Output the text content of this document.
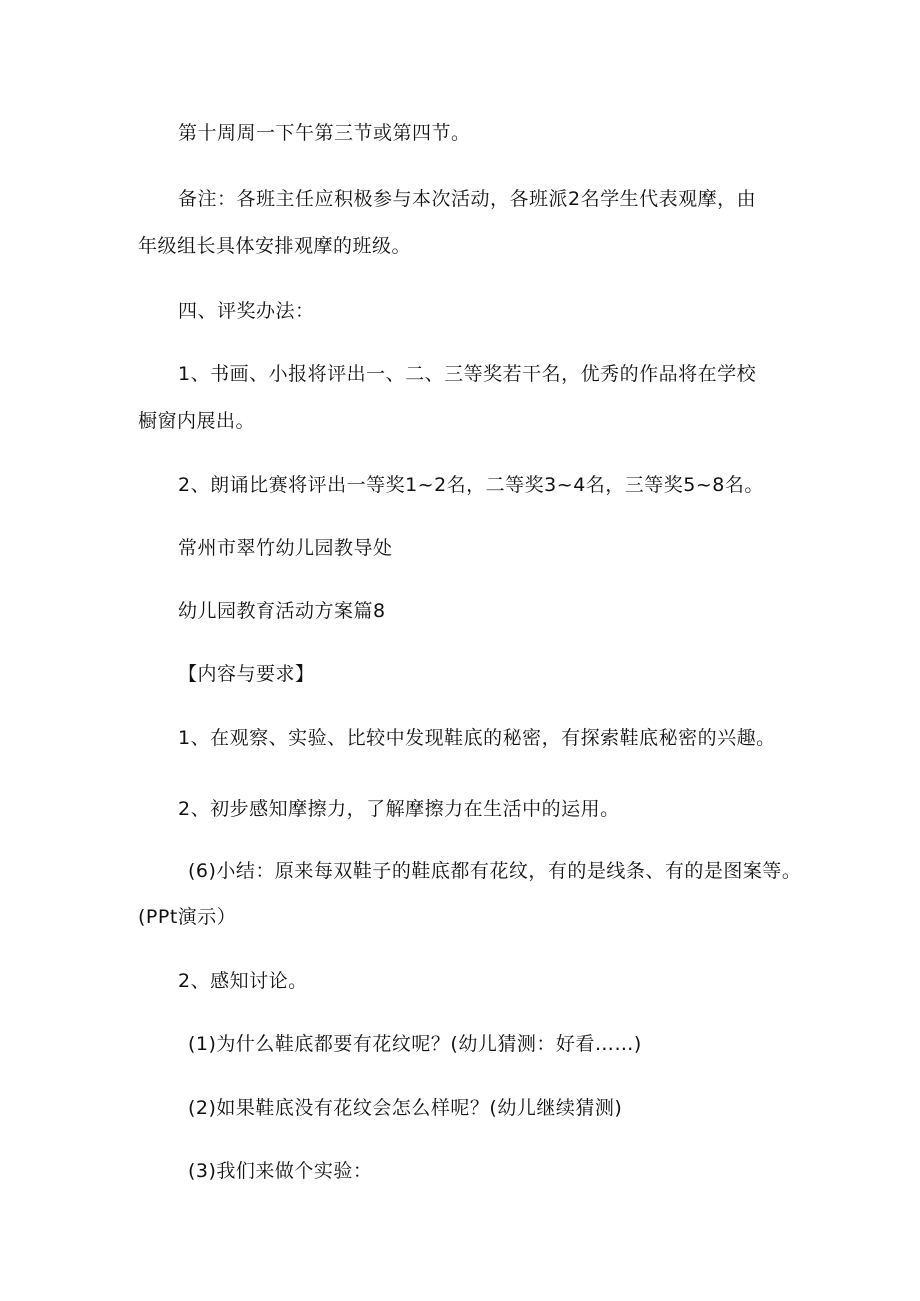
第十周周一下午第三节或第四节。
备注：各班主任应积极参与本次活动，各班派2名学生代表观摩，由
年级组长具体安排观摩的班级。
四、评奖办法：
1、书画、小报将评出一、二、三等奖若干名，优秀的作品将在学校
橱窗内展出。
2、朗诵比赛将评出一等奖1~2名，二等奖3~4名，三等奖5~8名。
常州市翠竹幼儿园教导处
幼儿园教育活动方案篇8
【内容与要求】
1、在观察、实验、比较中发现鞋底的秘密，有探索鞋底秘密的兴趣。
2、初步感知摩擦力，了解摩擦力在生活中的运用。
(6)小结：原来每双鞋子的鞋底都有花纹，有的是线条、有的是图案等。
(PPt演示）
2、感知讨论。
(1)为什么鞋底都要有花纹呢？(幼儿猜测：好看……)
(2)如果鞋底没有花纹会怎么样呢？(幼儿继续猜测)
(3)我们来做个实验：
